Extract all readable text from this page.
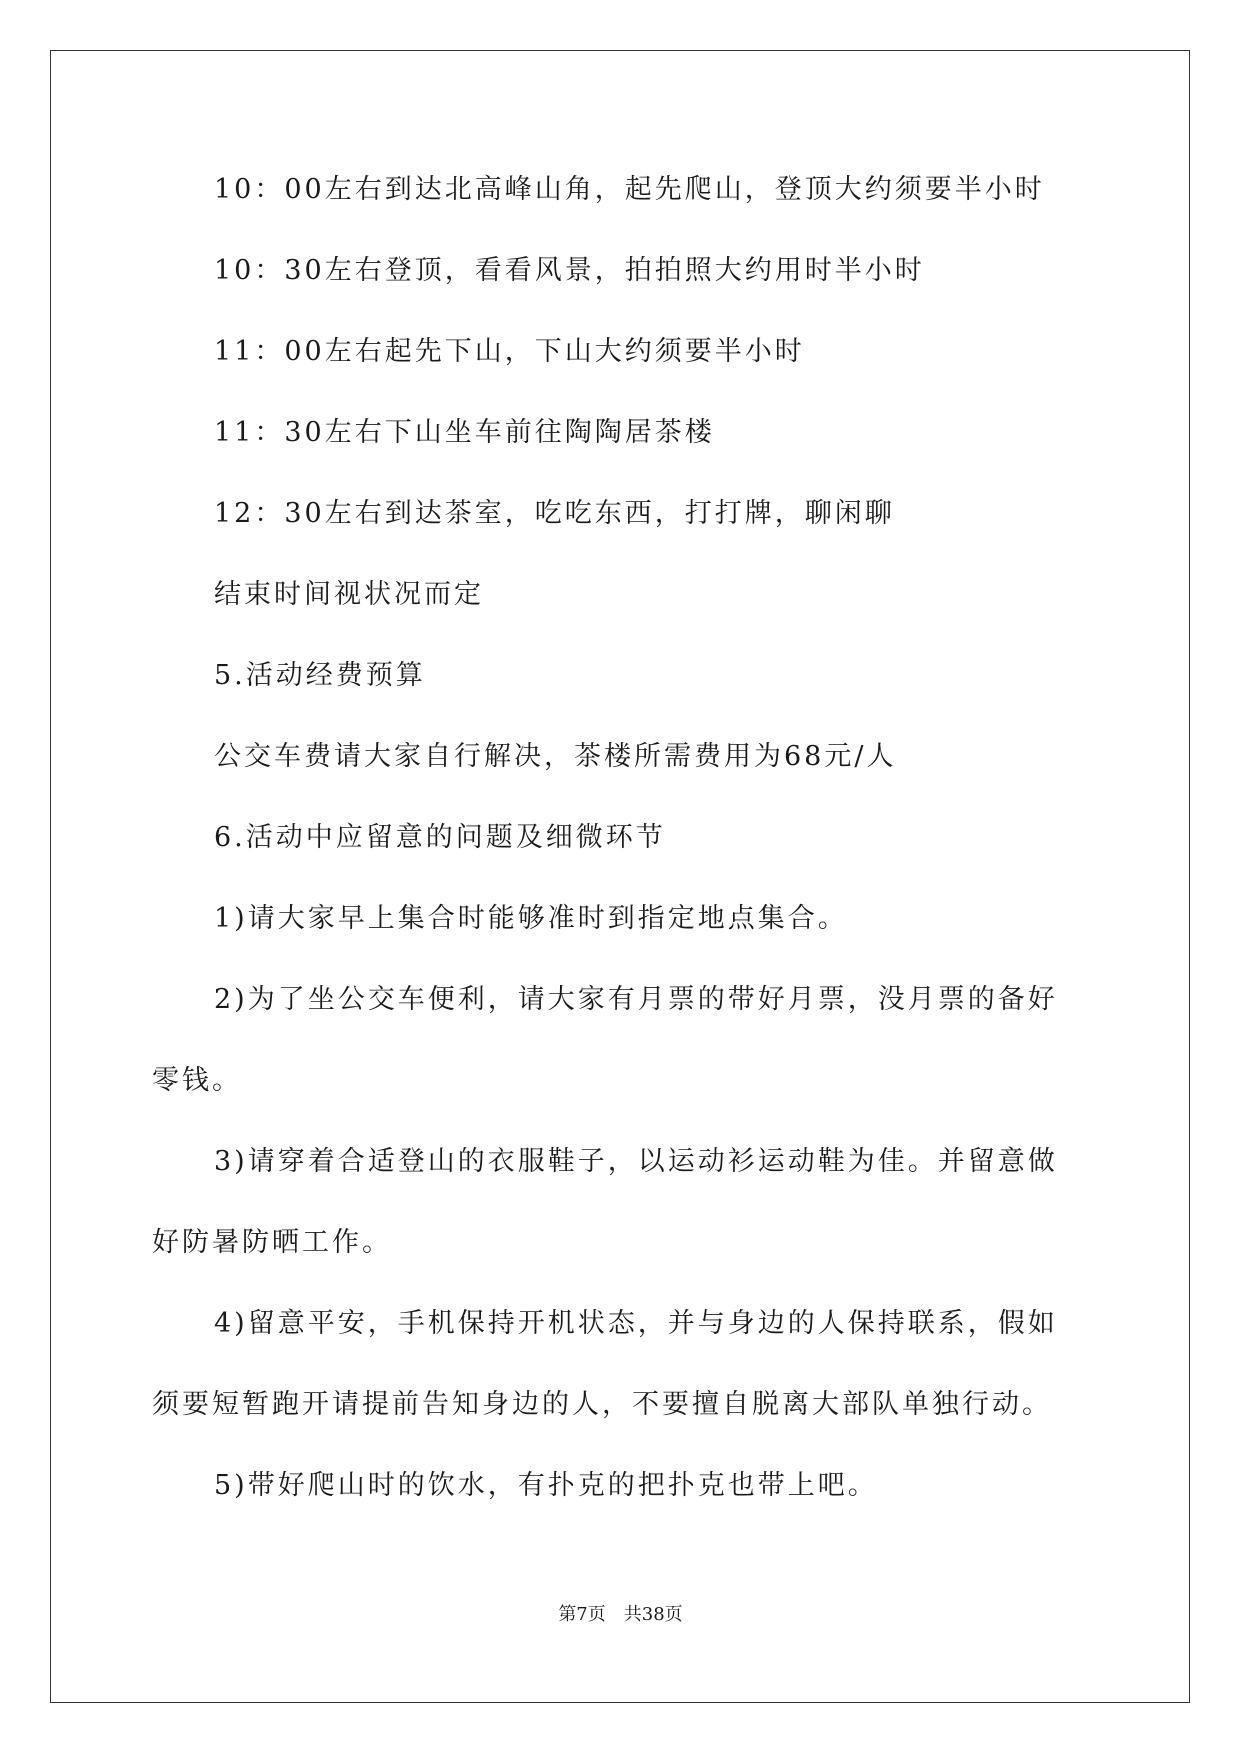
10：00左右到达北高峰山角，起先爬山，登顶大约须要半小时
10：30左右登顶，看看风景，拍拍照大约用时半小时
11：00左右起先下山，下山大约须要半小时
11：30左右下山坐车前往陶陶居茶楼
12：30左右到达茶室，吃吃东西，打打牌，聊闲聊
结束时间视状况而定
5.活动经费预算
公交车费请大家自行解决，茶楼所需费用为68元/人
6.活动中应留意的问题及细微环节
1)请大家早上集合时能够准时到指定地点集合。
2)为了坐公交车便利，请大家有月票的带好月票，没月票的备好
零钱。
3)请穿着合适登山的衣服鞋子，以运动衫运动鞋为佳。并留意做
好防暑防晒工作。
4)留意平安，手机保持开机状态，并与身边的人保持联系，假如
须要短暂跑开请提前告知身边的人，不要擅自脱离大部队单独行动。
5)带好爬山时的饮水，有扑克的把扑克也带上吧。
第7页 共38页
